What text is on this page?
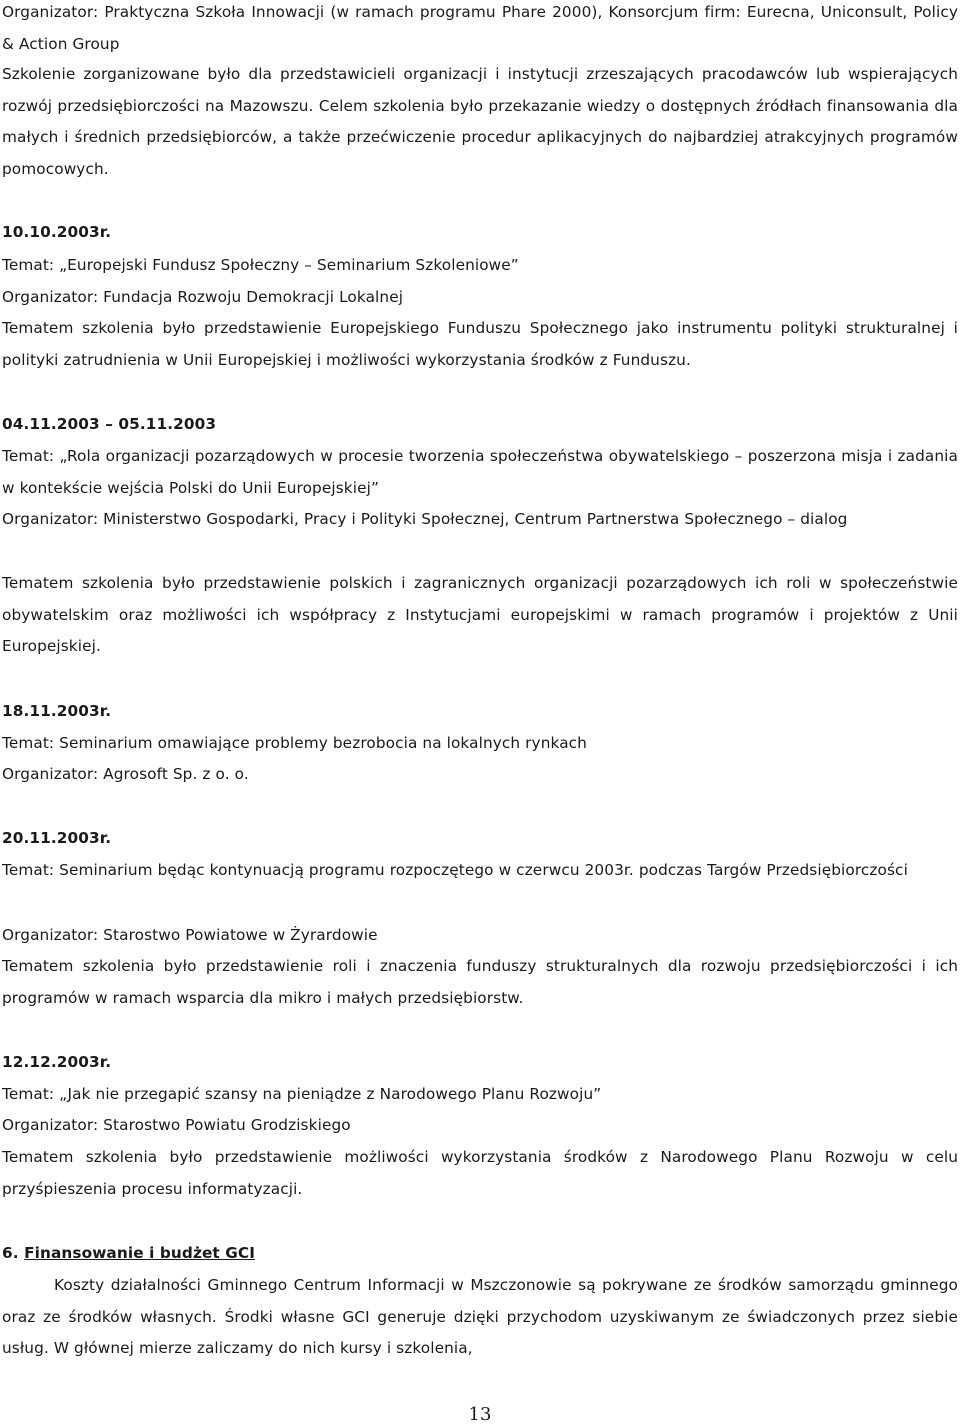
Organizator: Praktyczna Szkoła Innowacji (w ramach programu Phare 2000), Konsorcjum firm: Eurecna, Uniconsult, Policy & Action Group

Szkolenie zorganizowane było dla przedstawicieli organizacji i instytucji zrzeszających pracodawców lub wspierających rozwój przedsiębiorczości na Mazowszu. Celem szkolenia było przekazanie wiedzy o dostępnych źródłach finansowania dla małych i średnich przedsiębiorców, a także przećwiczenie procedur aplikacyjnych do najbardziej atrakcyjnych programów pomocowych.

10.10.2003r.

Temat: „Europejski Fundusz Społeczny – Seminarium Szkoleniowe”

Organizator: Fundacja Rozwoju Demokracji Lokalnej

Tematem szkolenia było przedstawienie Europejskiego Funduszu Społecznego jako instrumentu polityki strukturalnej i polityki zatrudnienia w Unii Europejskiej i możliwości wykorzystania środków z Funduszu.

04.11.2003 – 05.11.2003

Temat: „Rola organizacji pozarządowych w procesie tworzenia społeczeństwa obywatelskiego – poszerzona misja i zadania w kontekście wejścia Polski do Unii Europejskiej”

Organizator: Ministerstwo Gospodarki, Pracy i Polityki Społecznej, Centrum Partnerstwa Społecznego – dialog

Tematem szkolenia było przedstawienie polskich i zagranicznych organizacji pozarządowych ich roli w społeczeństwie obywatelskim oraz możliwości ich współpracy z Instytucjami europejskimi w ramach programów i projektów z Unii Europejskiej.

18.11.2003r.

Temat: Seminarium omawiające problemy bezrobocia na lokalnych rynkach

Organizator: Agrosoft Sp. z o. o.

20.11.2003r.

Temat: Seminarium będąc kontynuacją programu rozpoczętego w czerwcu 2003r. podczas Targów Przedsiębiorczości

Organizator: Starostwo Powiatowe w Żyrardowie

Tematem szkolenia było przedstawienie roli i znaczenia funduszy strukturalnych dla rozwoju przedsiębiorczości i ich programów w ramach wsparcia dla mikro i małych przedsiębiorstw.

12.12.2003r.

Temat: „Jak nie przegapić szansy na pieniądze z Narodowego Planu Rozwoju”

Organizator: Starostwo Powiatu Grodziskiego

Tematem szkolenia było przedstawienie możliwości wykorzystania środków z Narodowego Planu Rozwoju w celu przyśpieszenia procesu informatyzacji.

6. Finansowanie i budżet GCI

Koszty działalności Gminnego Centrum Informacji w Mszczonowie są pokrywane ze środków samorządu gminnego oraz ze środków własnych. Środki własne GCI generuje dzięki przychodom uzyskiwanym ze świadczonych przez siebie usług. W głównej mierze zaliczamy do nich kursy i szkolenia,

13
